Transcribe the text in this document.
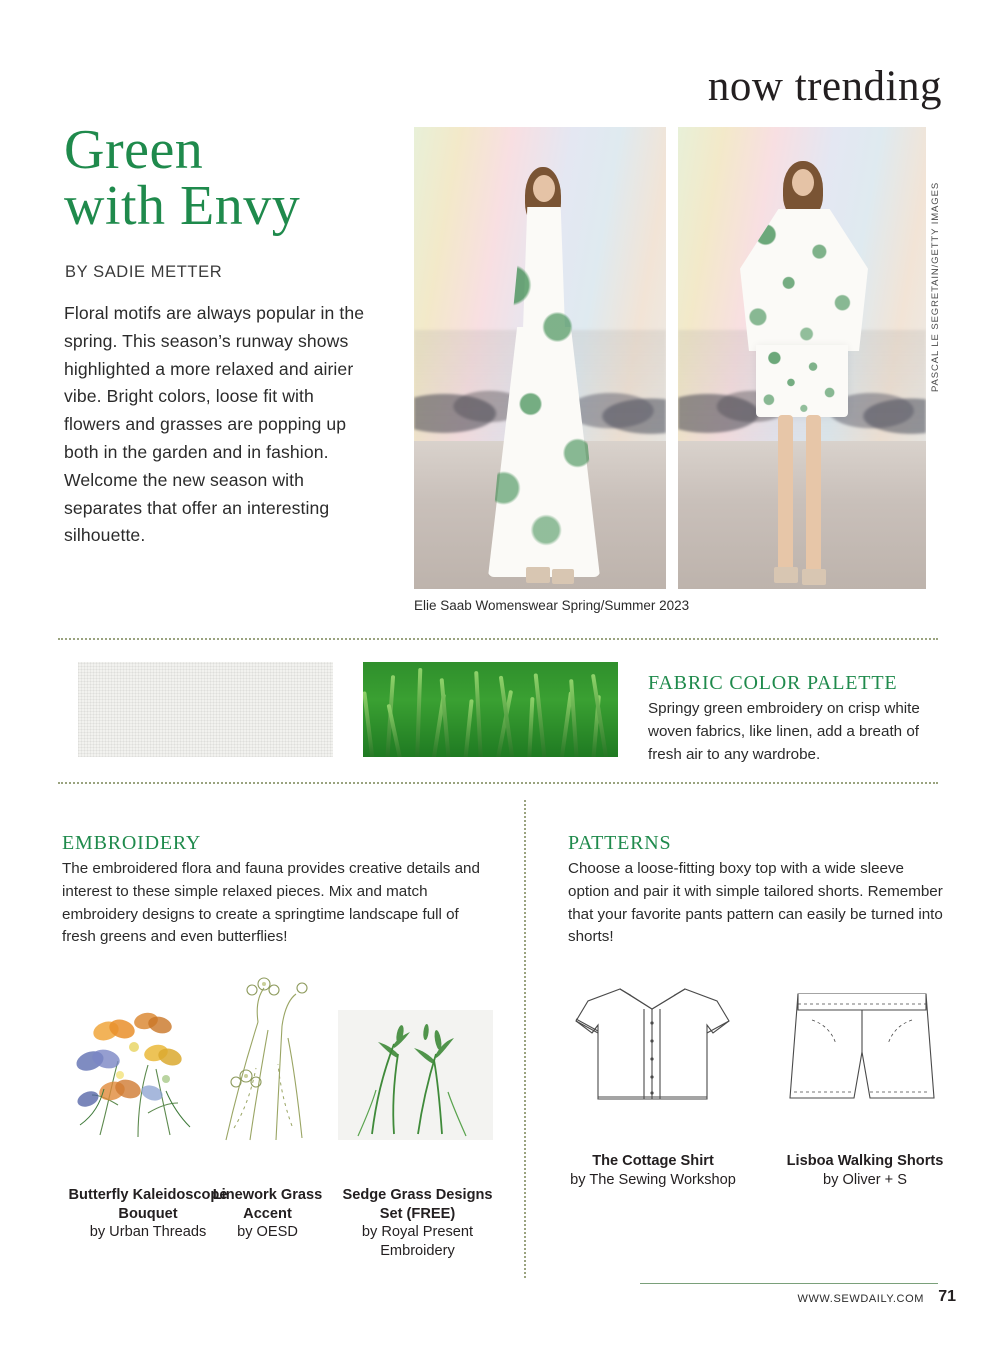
now trending
Green
with Envy
BY SADIE METTER
Floral motifs are always popular in the spring. This season’s runway shows highlighted a more relaxed and airier vibe. Bright colors, loose fit with flowers and grasses are popping up both in the garden and in fashion. Welcome the new season with separates that offer an interesting silhouette.
PASCAL LE SEGRETAIN/GETTY IMAGES
Elie Saab Womenswear Spring/Summer 2023
FABRIC COLOR PALETTE
Springy green embroidery on crisp white woven fabrics, like linen, add a breath of fresh air to any wardrobe.
EMBROIDERY
The embroidered flora and fauna provides creative details and interest to these simple relaxed pieces. Mix and match embroidery designs to create a springtime landscape full of fresh greens and even butterflies!
Butterfly Kaleidoscope Bouquet
by Urban Threads
Linework Grass Accent
by OESD
Sedge Grass Designs Set (FREE)
by Royal Present Embroidery
PATTERNS
Choose a loose-fitting boxy top with a wide sleeve option and pair it with simple tailored shorts. Remember that your favorite pants pattern can easily be turned into shorts!
The Cottage Shirt
by The Sewing Workshop
Lisboa Walking Shorts
by Oliver + S
WWW.SEWDAILY.COM 71
